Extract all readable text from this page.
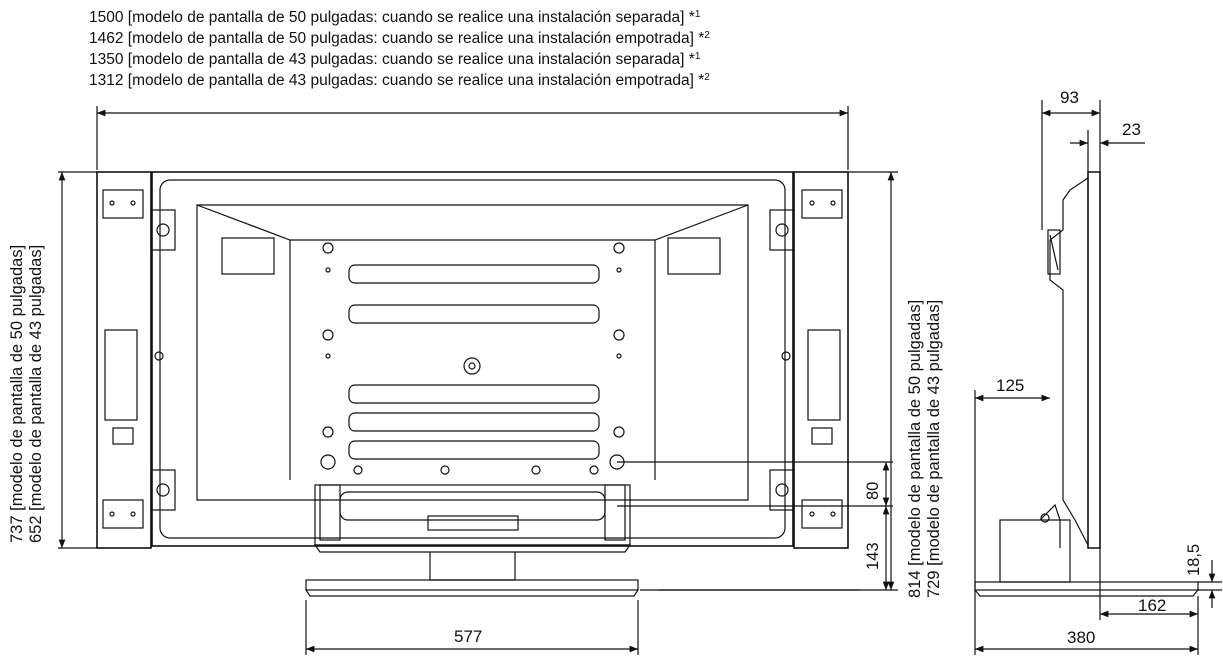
1500 [modelo de pantalla de 50 pulgadas: cuando se realice una instalación separada] *$^1$
1462 [modelo de pantalla de 50 pulgadas: cuando se realice una instalación empotrada] *$^2$
1350 [modelo de pantalla de 43 pulgadas: cuando se realice una instalación separada] *$^1$
1312 [modelo de pantalla de 43 pulgadas: cuando se realice una instalación empotrada] *$^2$
737 [modelo de pantalla de 50 pulgadas] 652 [modelo de pantalla de 43 pulgadas]	814 [modelo de pantalla de 50 pulgadas] 729 [modelo de pantalla de 43 pulgadas]
80
143	18,5
577
93
23
125
162
380
